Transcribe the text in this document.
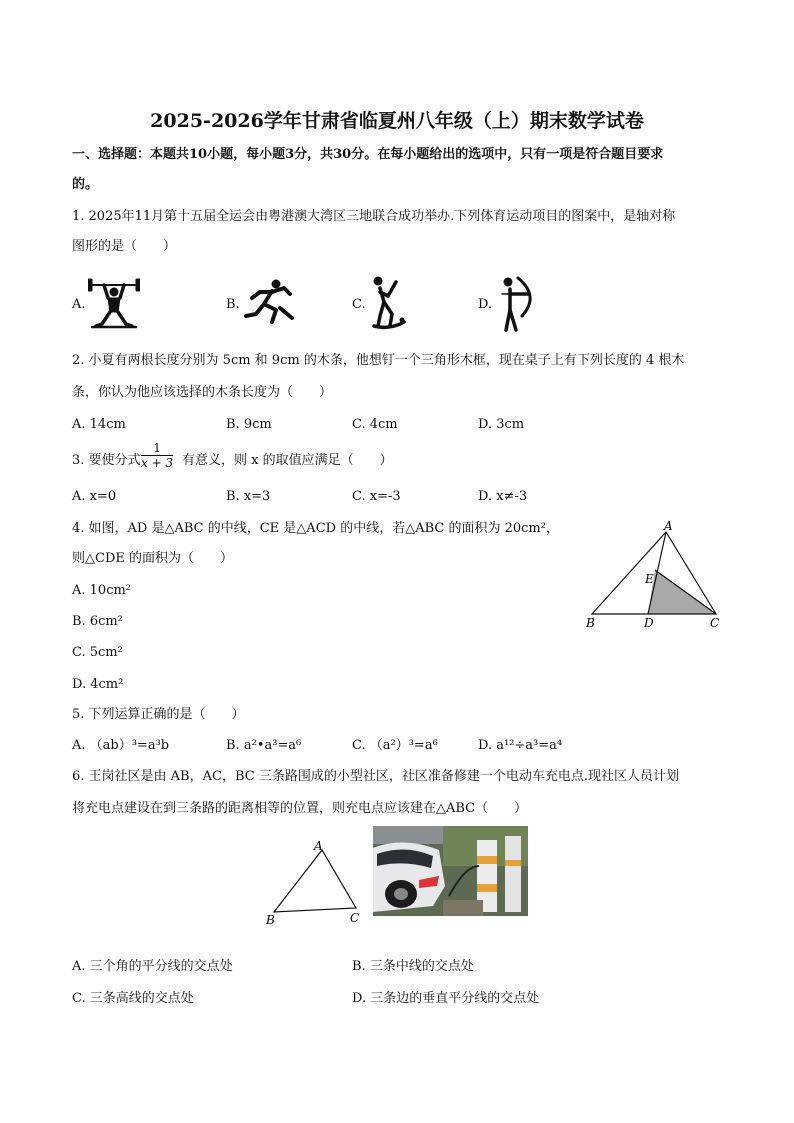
2025-2026学年甘肃省临夏州八年级（上）期末数学试卷
一、选择题：本题共10小题，每小题3分，共30分。在每小题给出的选项中，只有一项是符合题目要求
的。
1. 2025年11月第十五届全运会由粤港澳大湾区三地联合成功举办.下列体育运动项目的图案中，是轴对称
图形的是（　　）
A.	B.	C.	D.
2. 小夏有两根长度分别为 5cm 和 9cm 的木条，他想钉一个三角形木框，现在桌子上有下列长度的 4 根木
条，你认为他应该选择的木条长度为（　　）
A. 14cm	B. 9cm	C. 4cm	D. 3cm
3. 要使分式 $\frac{1}{x + 3}$ 有意义，则 x 的取值应满足（　　）
A. x=0	B. x=3	C. x=-3	D. x≠-3
4. 如图，AD 是△ABC 的中线，CE 是△ACD 的中线，若△ABC 的面积为 20cm²，
则△CDE 的面积为（　　）
A. 10cm²
B. 6cm²
C. 5cm²
D. 4cm²
A
E
B	D	C
5. 下列运算正确的是（　　）
A. （ab）³=a³b	B. a²•a³=a⁶	C. （a²）³=a⁶	D. a¹²÷a³=a⁴
6. 王岗社区是由 AB，AC，BC 三条路围成的小型社区，社区准备修建一个电动车充电点.现社区人员计划
将充电点建设在到三条路的距离相等的位置，则充电点应该建在△ABC（　　）
A
B	C
A. 三个角的平分线的交点处	B. 三条中线的交点处
C. 三条高线的交点处	D. 三条边的垂直平分线的交点处
